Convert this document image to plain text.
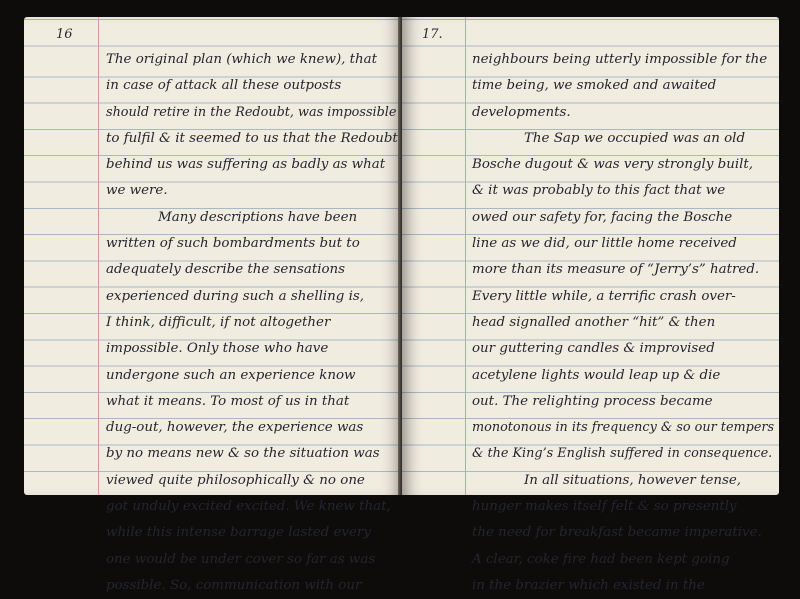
16
The original plan (which we knew), that
in case of attack all these outposts
should retire in the Redoubt, was impossible
to fulfil & it seemed to us that the Redoubt
behind us was suffering as badly as what
we were.
Many descriptions have been
written of such bombardments but to
adequately describe the sensations
experienced during such a shelling is,
I think, difficult, if not altogether
impossible. Only those who have
undergone such an experience know
what it means. To most of us in that
dug-out, however, the experience was
by no means new & so the situation was
viewed quite philosophically & no one
got unduly excited excited. We knew that,
while this intense barrage lasted every
one would be under cover so far as was
possible. So, communication with our
17.
neighbours being utterly impossible for the
time being, we smoked and awaited
developments.
The Sap we occupied was an old
Bosche dugout & was very strongly built,
& it was probably to this fact that we
owed our safety for, facing the Bosche
line as we did, our little home received
more than its measure of “Jerry’s” hatred.
Every little while, a terrific crash over-
head signalled another “hit” & then
our guttering candles & improvised
acetylene lights would leap up & die
out. The relighting process became
monotonous in its frequency & so our tempers
& the King’s English suffered in consequence.
In all situations, however tense,
hunger makes itself felt & so presently
the need for breakfast became imperative.
A clear, coke fire had been kept going
in the brazier which existed in the
